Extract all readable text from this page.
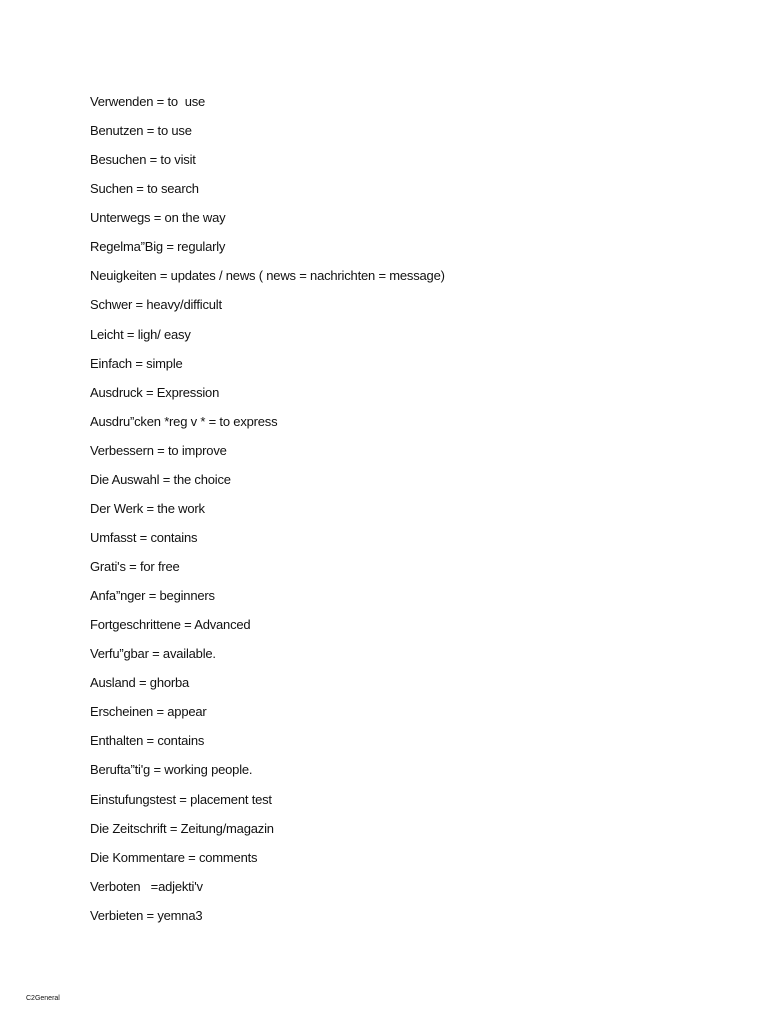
Verwenden = to  use
Benutzen = to use
Besuchen = to visit
Suchen = to search
Unterwegs = on the way
Regelma”Big = regularly
Neuigkeiten = updates / news ( news = nachrichten = message)
Schwer = heavy/difficult
Leicht = ligh/ easy
Einfach = simple
Ausdruck = Expression
Ausdru”cken *reg v * = to express
Verbessern = to improve
Die Auswahl = the choice
Der Werk = the work
Umfasst = contains
Grati's = for free
Anfa”nger = beginners
Fortgeschrittene = Advanced
Verfu”gbar = available.
Ausland = ghorba
Erscheinen = appear
Enthalten = contains
Berufta”ti'g = working people.
Einstufungstest = placement test
Die Zeitschrift = Zeitung/magazin
Die Kommentare = comments
Verboten   =adjekti'v
Verbieten = yemna3
C2General
